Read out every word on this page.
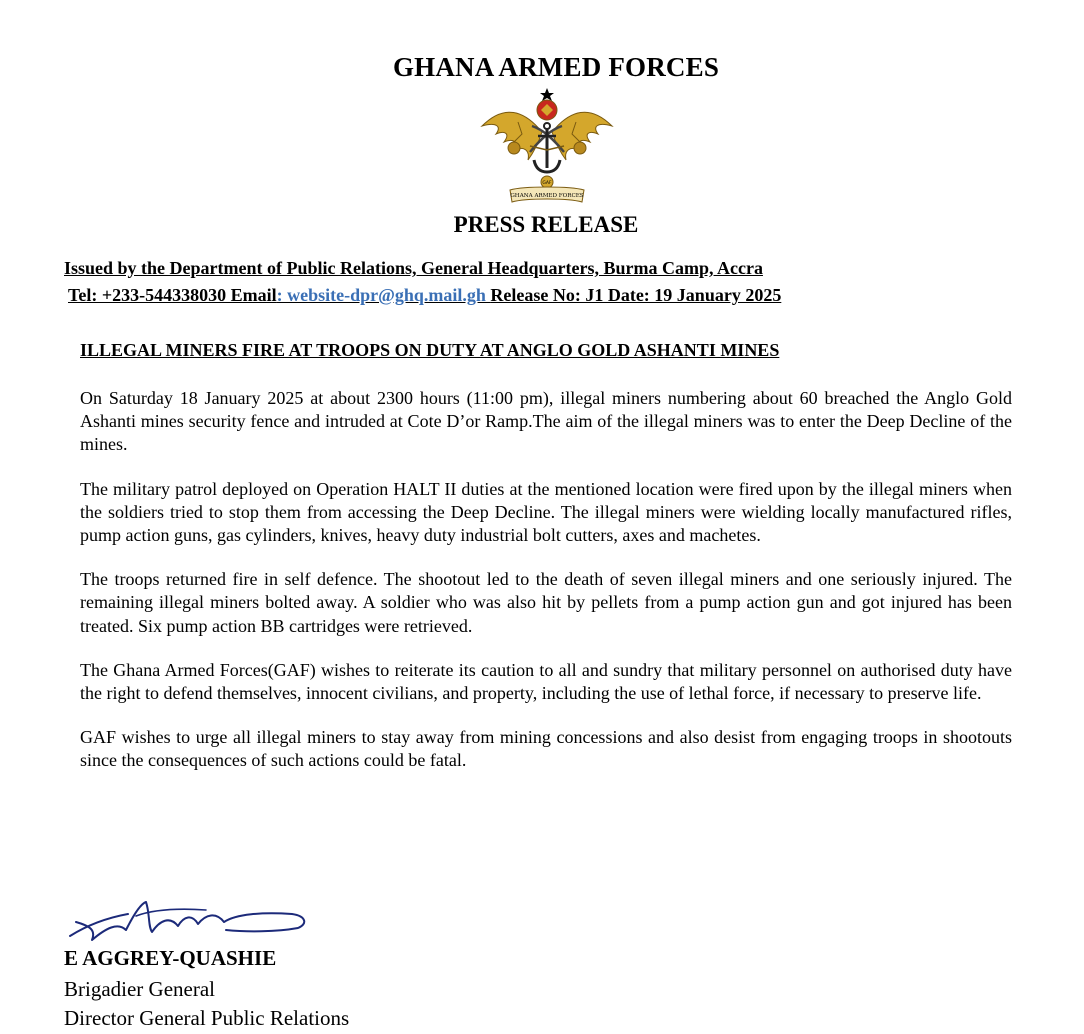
GHANA ARMED FORCES
GAF
GHANA ARMED FORCES
PRESS RELEASE
Issued by the Department of Public Relations, General Headquarters, Burma Camp, Accra
Tel: +233-544338030 Email: website-dpr@ghq.mail.gh Release No: J1 Date: 19 January 2025
ILLEGAL MINERS FIRE AT TROOPS ON DUTY AT ANGLO GOLD ASHANTI MINES

On Saturday 18 January 2025 at about 2300 hours (11:00 pm), illegal miners numbering about 60 breached the Anglo Gold Ashanti mines security fence and intruded at Cote D’or Ramp.The aim of the illegal miners was to enter the Deep Decline of the mines.

The military patrol deployed on Operation HALT II duties at the mentioned location were fired upon by the illegal miners when the soldiers tried to stop them from accessing the Deep Decline. The illegal miners were wielding locally manufactured rifles, pump action guns, gas cylinders, knives, heavy duty industrial bolt cutters, axes and machetes.

The troops returned fire in self defence. The shootout led to the death of seven illegal miners and one seriously injured. The remaining illegal miners bolted away. A soldier who was also hit by pellets from a pump action gun and got injured has been treated. Six pump action BB cartridges were retrieved.

The Ghana Armed Forces(GAF) wishes to reiterate its caution to all and sundry that military personnel on authorised duty have the right to defend themselves, innocent civilians, and property, including the use of lethal force, if necessary to preserve life.

GAF wishes to urge all illegal miners to stay away from mining concessions and also desist from engaging troops in shootouts since the consequences of such actions could be fatal.

E AGGREY-QUASHIE
Brigadier General
Director General Public Relations
